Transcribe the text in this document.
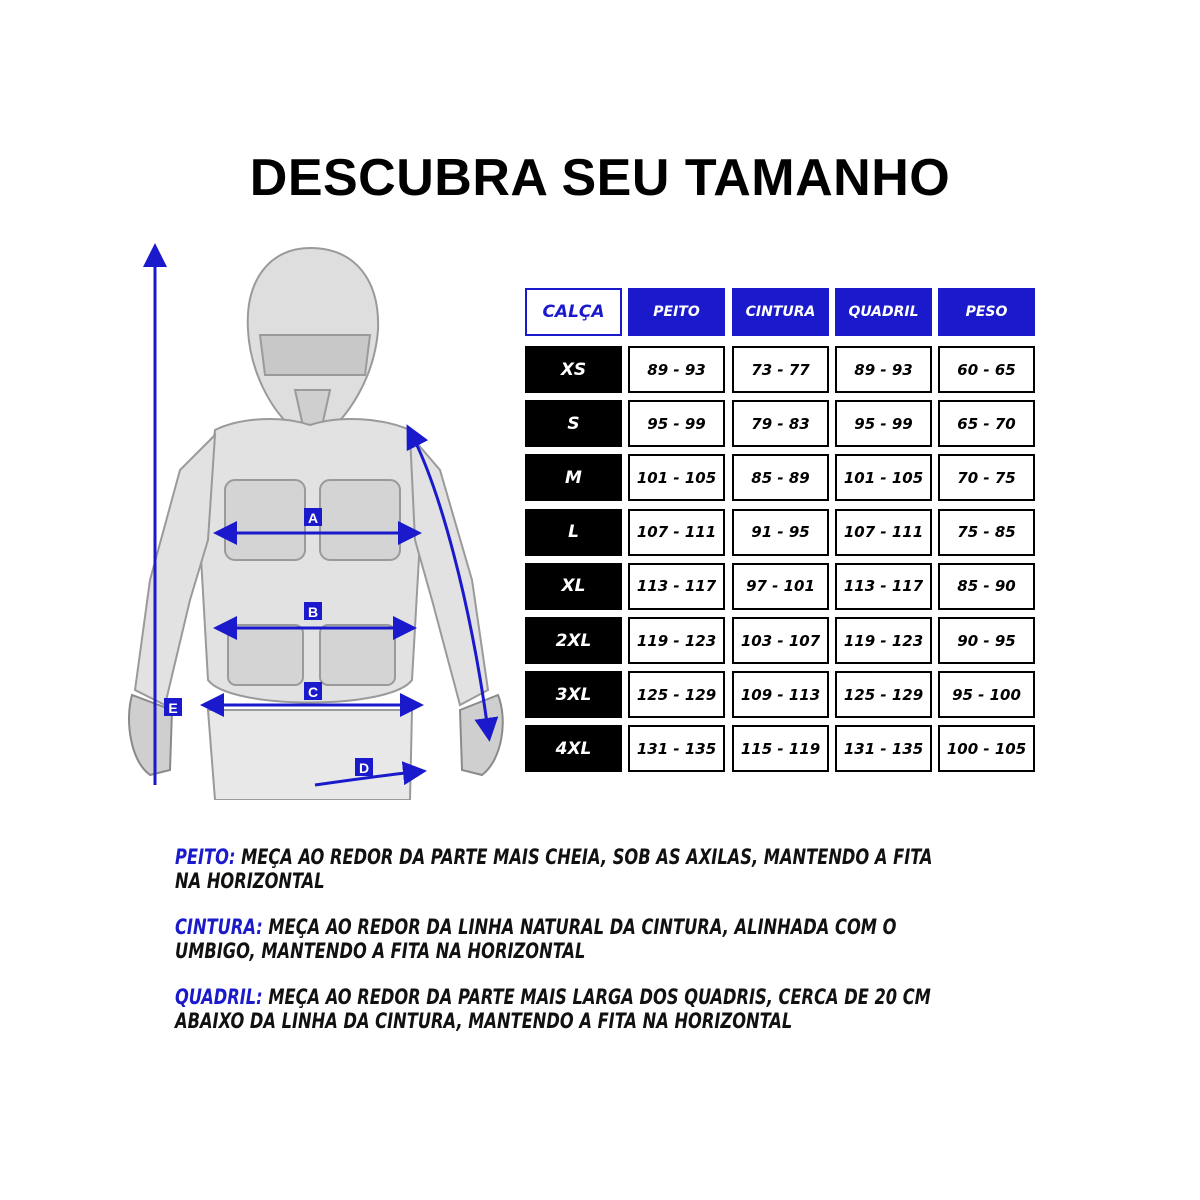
DESCUBRA SEU TAMANHO
A
B
C
D
E
CALÇA	PEITO	CINTURA	QUADRIL	PESO
XS	89 - 93	73 - 77	89 - 93	60 - 65
S	95 - 99	79 - 83	95 - 99	65 - 70
M	101 - 105	85 - 89	101 - 105	70 - 75
L	107 - 111	91 - 95	107 - 111	75 - 85
XL	113 - 117	97 - 101	113 - 117	85 - 90
2XL	119 - 123	103 - 107	119 - 123	90 - 95
3XL	125 - 129	109 - 113	125 - 129	95 - 100
4XL	131 - 135	115 - 119	131 - 135	100 - 105

PEITO: MEÇA AO REDOR DA PARTE MAIS CHEIA, SOB AS AXILAS, MANTENDO A FITA
NA HORIZONTAL

CINTURA: MEÇA AO REDOR DA LINHA NATURAL DA CINTURA, ALINHADA COM O
UMBIGO, MANTENDO A FITA NA HORIZONTAL

QUADRIL: MEÇA AO REDOR DA PARTE MAIS LARGA DOS QUADRIS, CERCA DE 20 CM
ABAIXO DA LINHA DA CINTURA, MANTENDO A FITA NA HORIZONTAL
